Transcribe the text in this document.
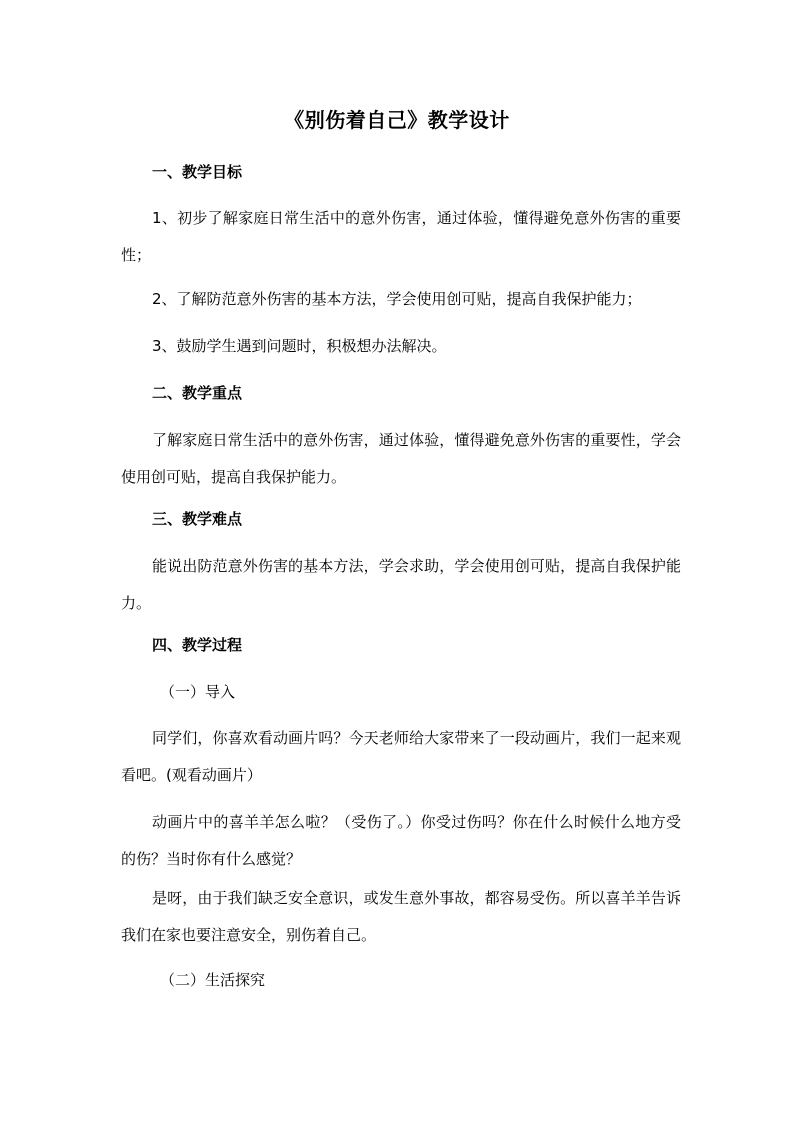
《别伤着自己》教学设计
一、教学目标
1、初步了解家庭日常生活中的意外伤害，通过体验，懂得避免意外伤害的重要性；
2、了解防范意外伤害的基本方法，学会使用创可贴，提高自我保护能力；
3、鼓励学生遇到问题时，积极想办法解决。
二、教学重点
了解家庭日常生活中的意外伤害，通过体验，懂得避免意外伤害的重要性，学会使用创可贴，提高自我保护能力。
三、教学难点
能说出防范意外伤害的基本方法，学会求助，学会使用创可贴，提高自我保护能力。
四、教学过程
（一）导入
同学们，你喜欢看动画片吗？今天老师给大家带来了一段动画片，我们一起来观看吧。(观看动画片）
动画片中的喜羊羊怎么啦？（受伤了。）你受过伤吗？你在什么时候什么地方受的伤？当时你有什么感觉？
是呀，由于我们缺乏安全意识，或发生意外事故，都容易受伤。所以喜羊羊告诉我们在家也要注意安全，别伤着自己。
（二）生活探究
